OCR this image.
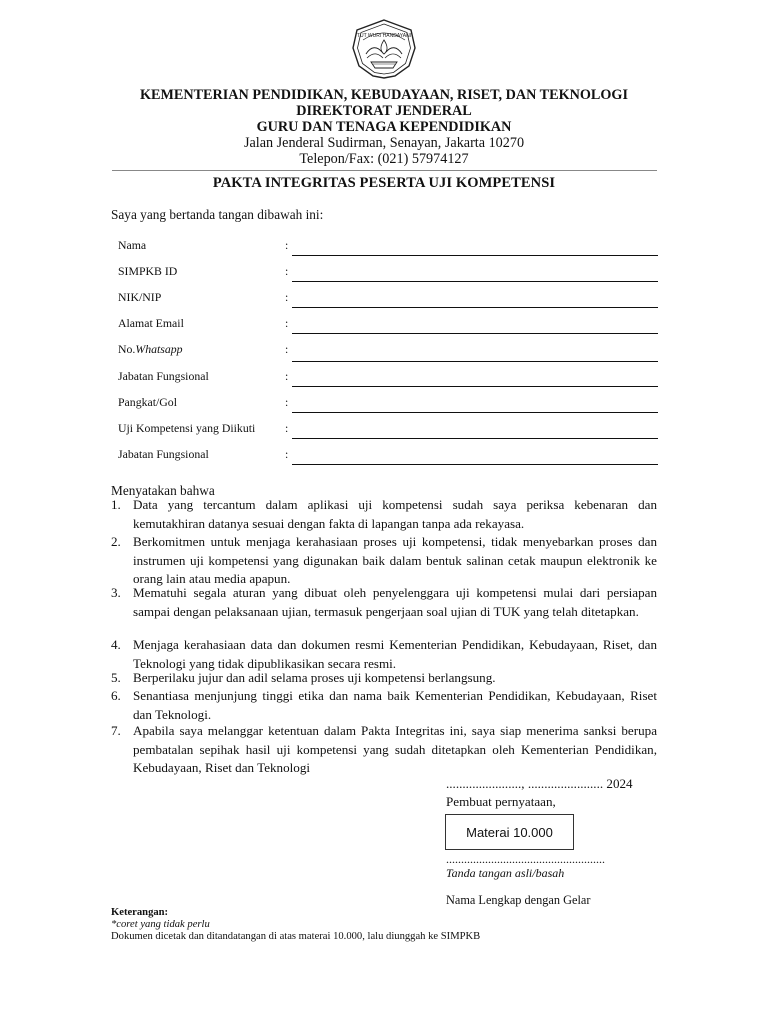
TUT WURI HANDAYANI
KEMENTERIAN PENDIDIKAN, KEBUDAYAAN, RISET, DAN TEKNOLOGI
DIREKTORAT JENDERAL
GURU DAN TENAGA KEPENDIDIKAN
Jalan Jenderal Sudirman, Senayan, Jakarta 10270
Telepon/Fax: (021) 57974127
PAKTA INTEGRITAS PESERTA UJI KOMPETENSI
Saya yang bertanda tangan dibawah ini:
Nama	:
SIMPKB ID	:
NIK/NIP	:
Alamat Email	:
No.Whatsapp	:
Jabatan Fungsional	:
Pangkat/Gol	:
Uji Kompetensi yang Diikuti	:
Jabatan Fungsional	:
Menyatakan bahwa
1. Data yang tercantum dalam aplikasi uji kompetensi sudah saya periksa kebenaran dan kemutakhiran datanya sesuai dengan fakta di lapangan tanpa ada rekayasa.
2. Berkomitmen untuk menjaga kerahasiaan proses uji kompetensi, tidak menyebarkan proses dan instrumen uji kompetensi yang digunakan baik dalam bentuk salinan cetak maupun elektronik ke orang lain atau media apapun.
3. Mematuhi segala aturan yang dibuat oleh penyelenggara uji kompetensi mulai dari persiapan sampai dengan pelaksanaan ujian, termasuk pengerjaan soal ujian di TUK yang telah ditetapkan.
4. Menjaga kerahasiaan data dan dokumen resmi Kementerian Pendidikan, Kebudayaan, Riset, dan Teknologi yang tidak dipublikasikan secara resmi.
5. Berperilaku jujur dan adil selama proses uji kompetensi berlangsung.
6. Senantiasa menjunjung tinggi etika dan nama baik Kementerian Pendidikan, Kebudayaan, Riset dan Teknologi.
7. Apabila saya melanggar ketentuan dalam Pakta Integritas ini, saya siap menerima sanksi berupa pembatalan sepihak hasil uji kompetensi yang sudah ditetapkan oleh Kementerian Pendidikan, Kebudayaan, Riset dan Teknologi
......................., ....................... 2024
Pembuat pernyataan,
Materai 10.000
.....................................................
Tanda tangan asli/basah
Nama Lengkap dengan Gelar
Keterangan:
*coret yang tidak perlu
Dokumen dicetak dan ditandatangan di atas materai 10.000, lalu diunggah ke SIMPKB
